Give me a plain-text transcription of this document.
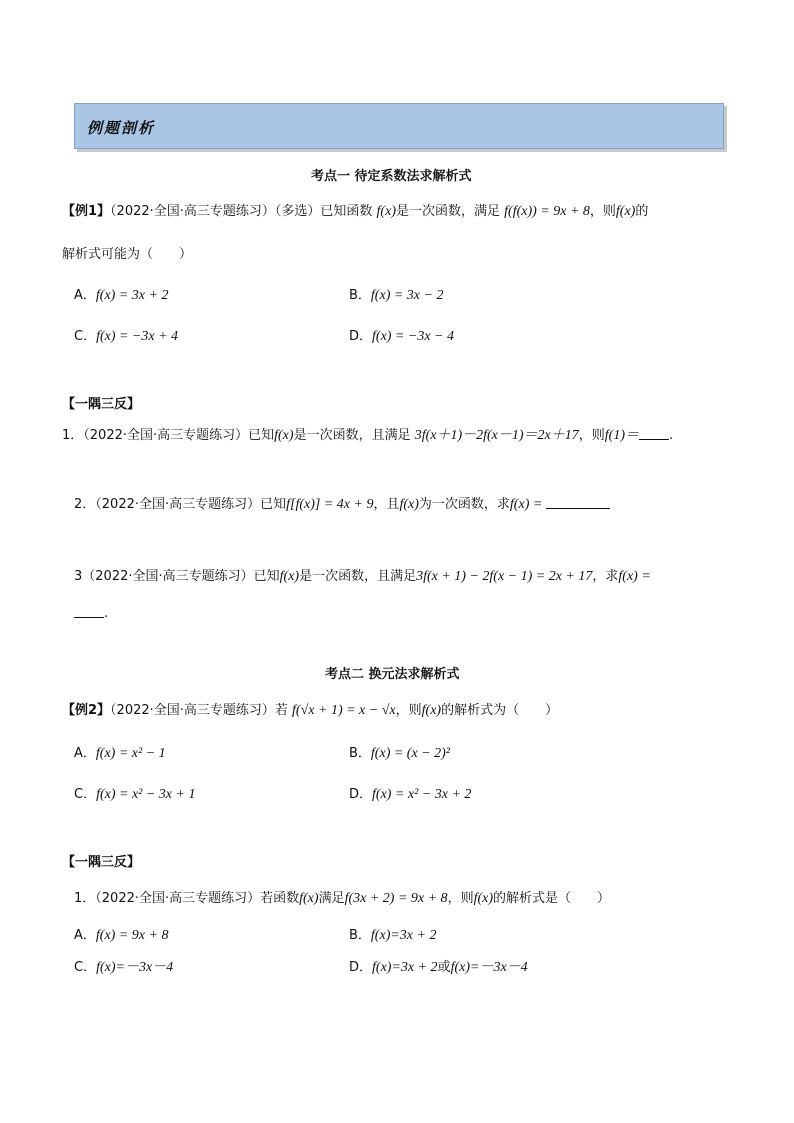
例题剖析
考点一 待定系数法求解析式
【例1】（2022·全国·高三专题练习）（多选）已知函数 f(x)是一次函数，满足 f(f(x)) = 9x + 8，则f(x)的
解析式可能为（　　）
A．f(x) = 3x + 2	B．f(x) = 3x − 2
C．f(x) = −3x + 4	D．f(x) = −3x − 4
【一隅三反】
1．（2022·全国·高三专题练习）已知f(x)是一次函数，且满足 3f(x＋1)－2f(x－1)＝2x＋17，则f(1)＝ .
2．（2022·全国·高三专题练习）已知f[f(x)] = 4x + 9，且f(x)为一次函数，求f(x) =
3（2022·全国·高三专题练习）已知f(x)是一次函数，且满足3f(x + 1) − 2f(x − 1) = 2x + 17，求f(x) =
.
考点二 换元法求解析式
【例2】（2022·全国·高三专题练习）若 f(√x + 1) = x − √x，则f(x)的解析式为（　　）
A．f(x) = x² − 1	B．f(x) = (x − 2)²
C．f(x) = x² − 3x + 1	D．f(x) = x² − 3x + 2
【一隅三反】
1．（2022·全国·高三专题练习）若函数f(x)满足f(3x + 2) = 9x + 8，则f(x)的解析式是（　　）
A．f(x) = 9x + 8	B．f(x)=3x + 2
C．f(x)=－3x－4	D．f(x)=3x + 2或f(x)=－3x－4
